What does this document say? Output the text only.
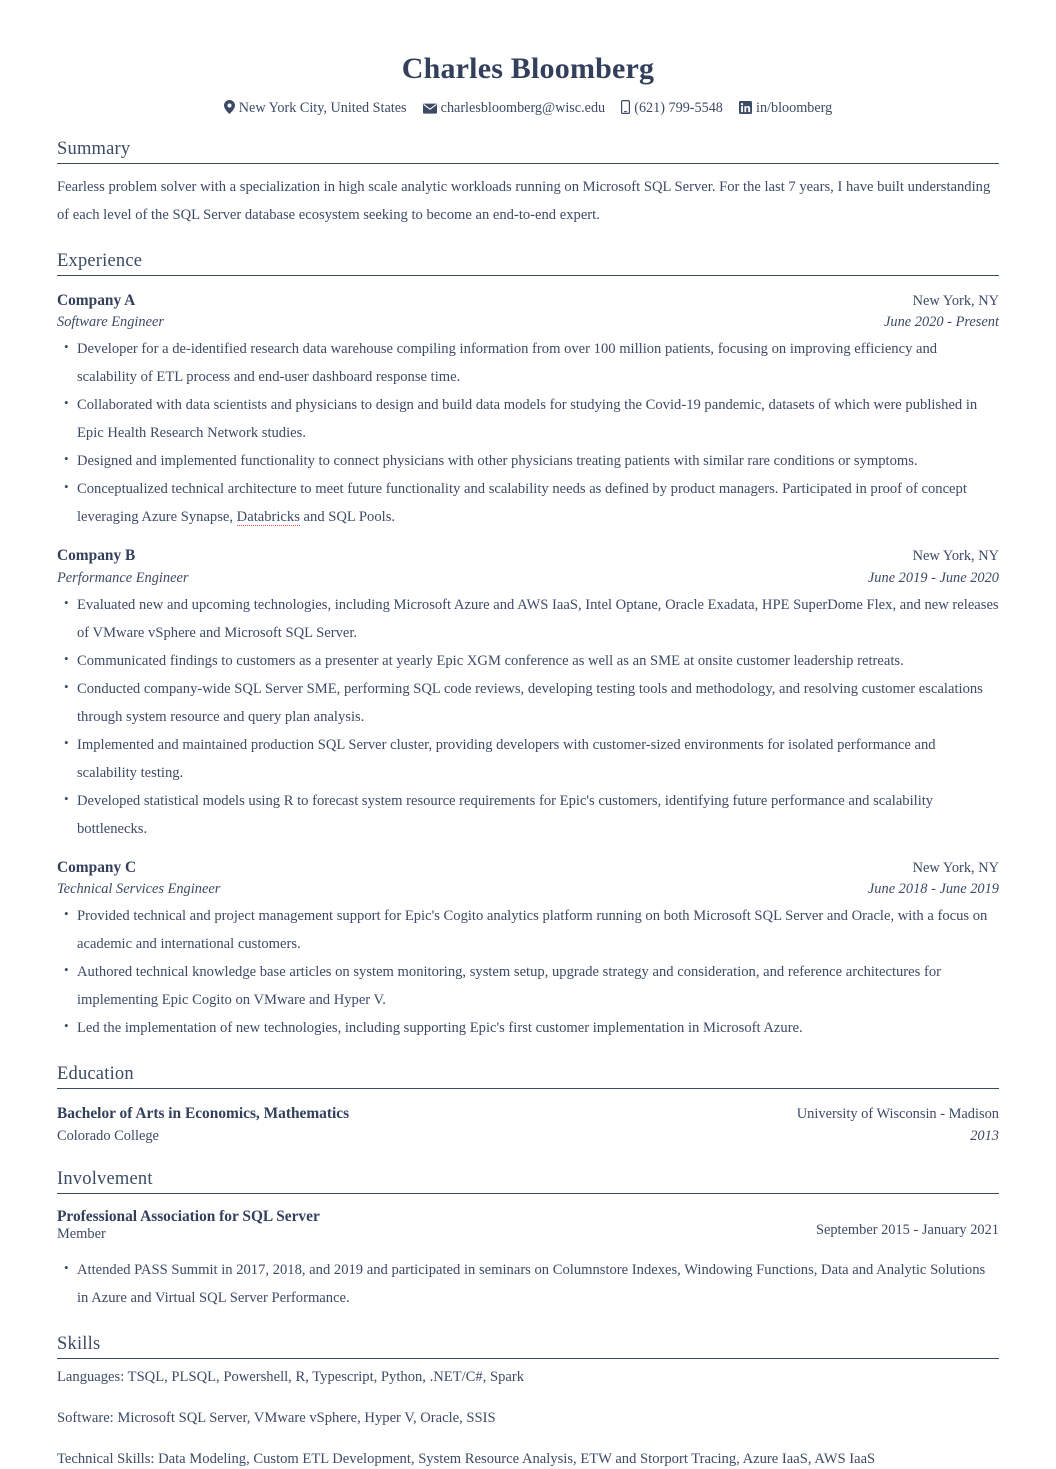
Charles Bloomberg
New York City, United States charlesbloomberg@wisc.edu (621) 799-5548 in/bloomberg
Summary

Fearless problem solver with a specialization in high scale analytic workloads running on Microsoft SQL Server. For the last 7 years, I have built understanding of each level of the SQL Server database ecosystem seeking to become an end-to-end expert.

Experience
Company A	New York, NY
Software Engineer	June 2020 - Present
• Developer for a de-identified research data warehouse compiling information from over 100 million patients, focusing on improving efficiency and scalability of ETL process and end-user dashboard response time.
• Collaborated with data scientists and physicians to design and build data models for studying the Covid-19 pandemic, datasets of which were published in Epic Health Research Network studies.
• Designed and implemented functionality to connect physicians with other physicians treating patients with similar rare conditions or symptoms.
• Conceptualized technical architecture to meet future functionality and scalability needs as defined by product managers. Participated in proof of concept leveraging Azure Synapse, Databricks and SQL Pools.
Company B	New York, NY
Performance Engineer	June 2019 - June 2020
• Evaluated new and upcoming technologies, including Microsoft Azure and AWS IaaS, Intel Optane, Oracle Exadata, HPE SuperDome Flex, and new releases of VMware vSphere and Microsoft SQL Server.
• Communicated findings to customers as a presenter at yearly Epic XGM conference as well as an SME at onsite customer leadership retreats.
• Conducted company-wide SQL Server SME, performing SQL code reviews, developing testing tools and methodology, and resolving customer escalations through system resource and query plan analysis.
• Implemented and maintained production SQL Server cluster, providing developers with customer-sized environments for isolated performance and scalability testing.
• Developed statistical models using R to forecast system resource requirements for Epic's customers, identifying future performance and scalability bottlenecks.
Company C	New York, NY
Technical Services Engineer	June 2018 - June 2019
• Provided technical and project management support for Epic's Cogito analytics platform running on both Microsoft SQL Server and Oracle, with a focus on academic and international customers.
• Authored technical knowledge base articles on system monitoring, system setup, upgrade strategy and consideration, and reference architectures for implementing Epic Cogito on VMware and Hyper V.
• Led the implementation of new technologies, including supporting Epic's first customer implementation in Microsoft Azure.
Education
Bachelor of Arts in Economics, Mathematics	University of Wisconsin - Madison
Colorado College	2013
Involvement
Professional Association for SQL Server
Member	September 2015 - January 2021
• Attended PASS Summit in 2017, 2018, and 2019 and participated in seminars on Columnstore Indexes, Windowing Functions, Data and Analytic Solutions in Azure and Virtual SQL Server Performance.
Skills

Languages: TSQL, PLSQL, Powershell, R, Typescript, Python, .NET/C#, Spark

Software: Microsoft SQL Server, VMware vSphere, Hyper V, Oracle, SSIS

Technical Skills: Data Modeling, Custom ETL Development, System Resource Analysis, ETW and Storport Tracing, Azure IaaS, AWS IaaS
